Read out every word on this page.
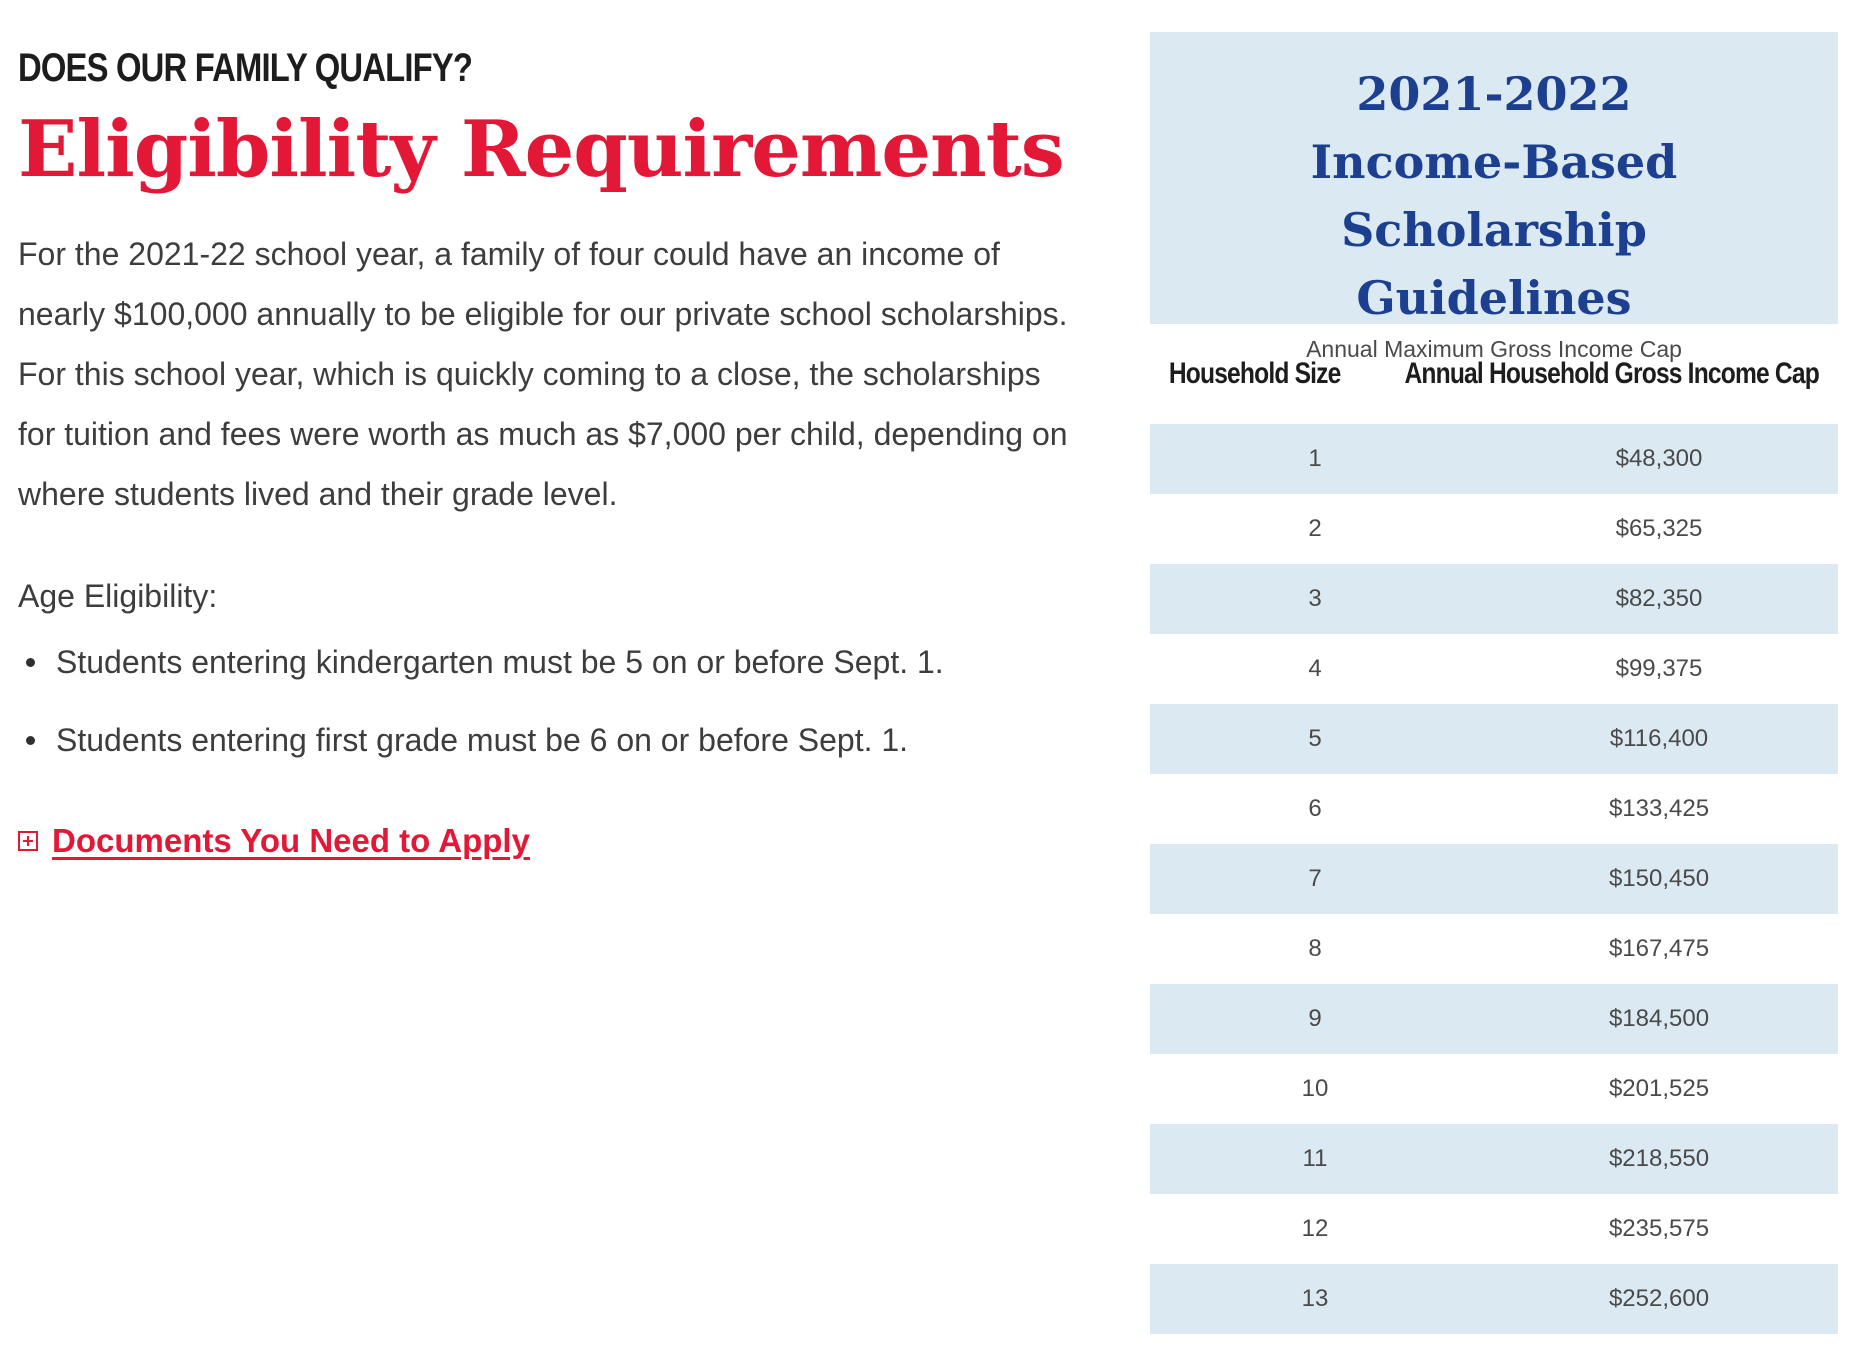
DOES OUR FAMILY QUALIFY?
Eligibility Requirements

For the 2021-22 school year, a family of four could have an income of nearly $100,000 annually to be eligible for our private school scholarships. For this school year, which is quickly coming to a close, the scholarships for tuition and fees were worth as much as $7,000 per child, depending on where students lived and their grade level.

Age Eligibility:
Students entering kindergarten must be 5 on or before Sept. 1.
Students entering first grade must be 6 on or before Sept. 1.
Documents You Need to Apply
2021-2022
Income-Based Scholarship
Guidelines
Annual Maximum Gross Income Cap
Household Size	Annual Household Gross Income Cap
1	$48,300
2	$65,325
3	$82,350
4	$99,375
5	$116,400
6	$133,425
7	$150,450
8	$167,475
9	$184,500
10	$201,525
11	$218,550
12	$235,575
13	$252,600
